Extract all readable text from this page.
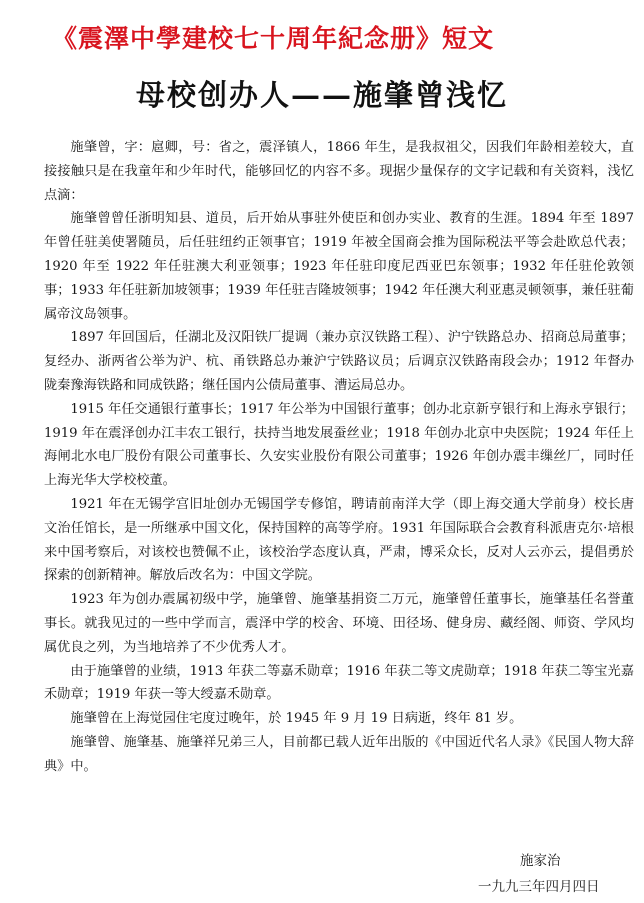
《震澤中學建校七十周年紀念册》短文
母校创办人——施肇曾浅忆

施肇曾，字：扈卿，号：省之，震泽镇人，1866 年生，是我叔祖父，因我们年龄相差较大，直接接触只是在我童年和少年时代，能够回忆的内容不多。现据少量保存的文字记载和有关资料，浅忆点滴：

施肇曾曾任浙明知县、道员，后开始从事驻外使臣和创办实业、教育的生涯。1894 年至 1897 年曾任驻美使署随员，后任驻纽约正领事官；1919 年被全国商会推为国际税法平等会赴欧总代表；1920 年至 1922 年任驻澳大利亚领事；1923 年任驻印度尼西亚巴东领事；1932 年任驻伦敦领事；1933 年任驻新加坡领事；1939 年任驻吉隆坡领事；1942 年任澳大利亚惠灵顿领事，兼任驻葡属帝汶岛领事。

1897 年回国后，任湖北及汉阳铁厂提调（兼办京汉铁路工程）、沪宁铁路总办、招商总局董事；复经办、浙两省公举为沪、杭、甬铁路总办兼沪宁铁路议员；后调京汉铁路南段会办；1912 年督办陇秦豫海铁路和同成铁路；继任国内公债局董事、漕运局总办。

1915 年任交通银行董事长；1917 年公举为中国银行董事；创办北京新亨银行和上海永亨银行；1919 年在震泽创办江丰农工银行，扶持当地发展蚕丝业；1918 年创办北京中央医院；1924 年任上海闸北水电厂股份有限公司董事长、久安实业股份有限公司董事；1926 年创办震丰缫丝厂，同时任上海光华大学校校董。

1921 年在无锡学宫旧址创办无锡国学专修馆，聘请前南洋大学（即上海交通大学前身）校长唐文治任馆长，是一所继承中国文化，保持国粹的高等学府。1931 年国际联合会教育科派唐克尔·培根来中国考察后，对该校也赞佩不止，该校治学态度认真，严肃，博采众长，反对人云亦云，提倡勇於探索的创新精神。解放后改名为：中国文学院。

1923 年为创办震属初级中学，施肇曾、施肇基捐资二万元，施肇曾任董事长，施肇基任名誉董事长。就我见过的一些中学而言，震泽中学的校舍、环境、田径场、健身房、藏经阁、师资、学风均属优良之列，为当地培养了不少优秀人才。

由于施肇曾的业绩，1913 年获二等嘉禾勋章；1916 年获二等文虎勋章；1918 年获二等宝光嘉禾勋章；1919 年获一等大绶嘉禾勋章。

施肇曾在上海觉园住宅度过晚年，於 1945 年 9 月 19 日病逝，终年 81 岁。

施肇曾、施肇基、施肇祥兄弟三人，目前都已载人近年出版的《中国近代名人录》《民国人物大辞典》中。

施家治
一九九三年四月四日
